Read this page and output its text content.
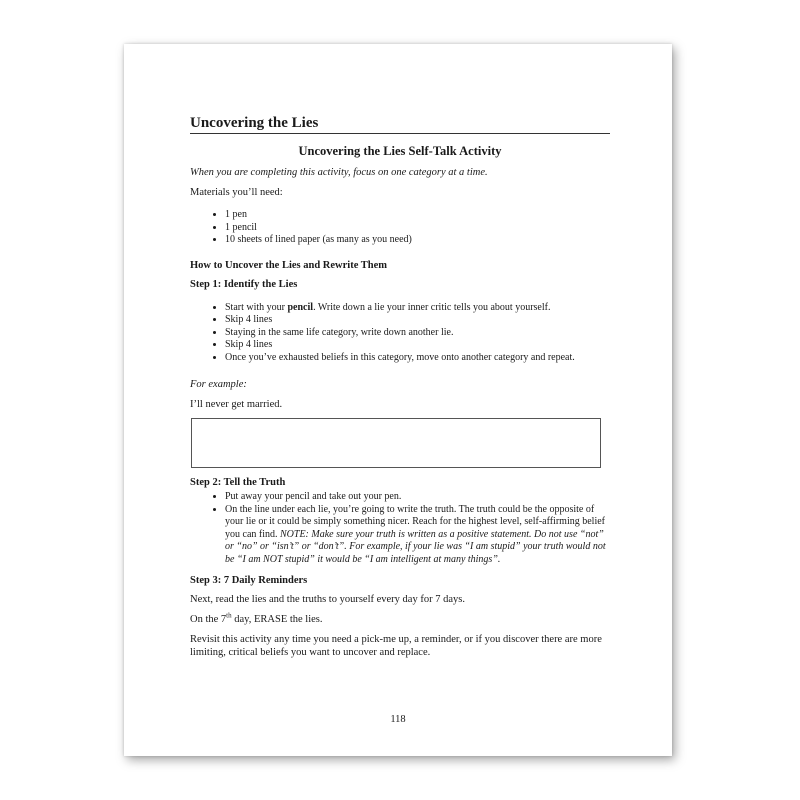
Uncovering the Lies
Uncovering the Lies Self-Talk Activity

When you are completing this activity, focus on one category at a time.

Materials you’ll need:

• 1 pen
• 1 pencil
• 10 sheets of lined paper (as many as you need)
How to Uncover the Lies and Rewrite Them
Step 1: Identify the Lies
• Start with your pencil. Write down a lie your inner critic tells you about yourself.
• Skip 4 lines
• Staying in the same life category, write down another lie.
• Skip 4 lines
• Once you’ve exhausted beliefs in this category, move onto another category and repeat.

For example:

I’ll never get married.

Step 2: Tell the Truth
• Put away your pencil and take out your pen.
• On the line under each lie, you’re going to write the truth. The truth could be the opposite of your lie or it could be simply something nicer. Reach for the highest level, self-affirming belief you can find. NOTE: Make sure your truth is written as a positive statement. Do not use “not” or “no” or “isn’t” or “don’t”. For example, if your lie was “I am stupid” your truth would not be “I am NOT stupid” it would be “I am intelligent at many things”.
Step 3: 7 Daily Reminders

Next, read the lies and the truths to yourself every day for 7 days.

On the 7th day, ERASE the lies.

Revisit this activity any time you need a pick-me up, a reminder, or if you discover there are more limiting, critical beliefs you want to uncover and replace.

118
